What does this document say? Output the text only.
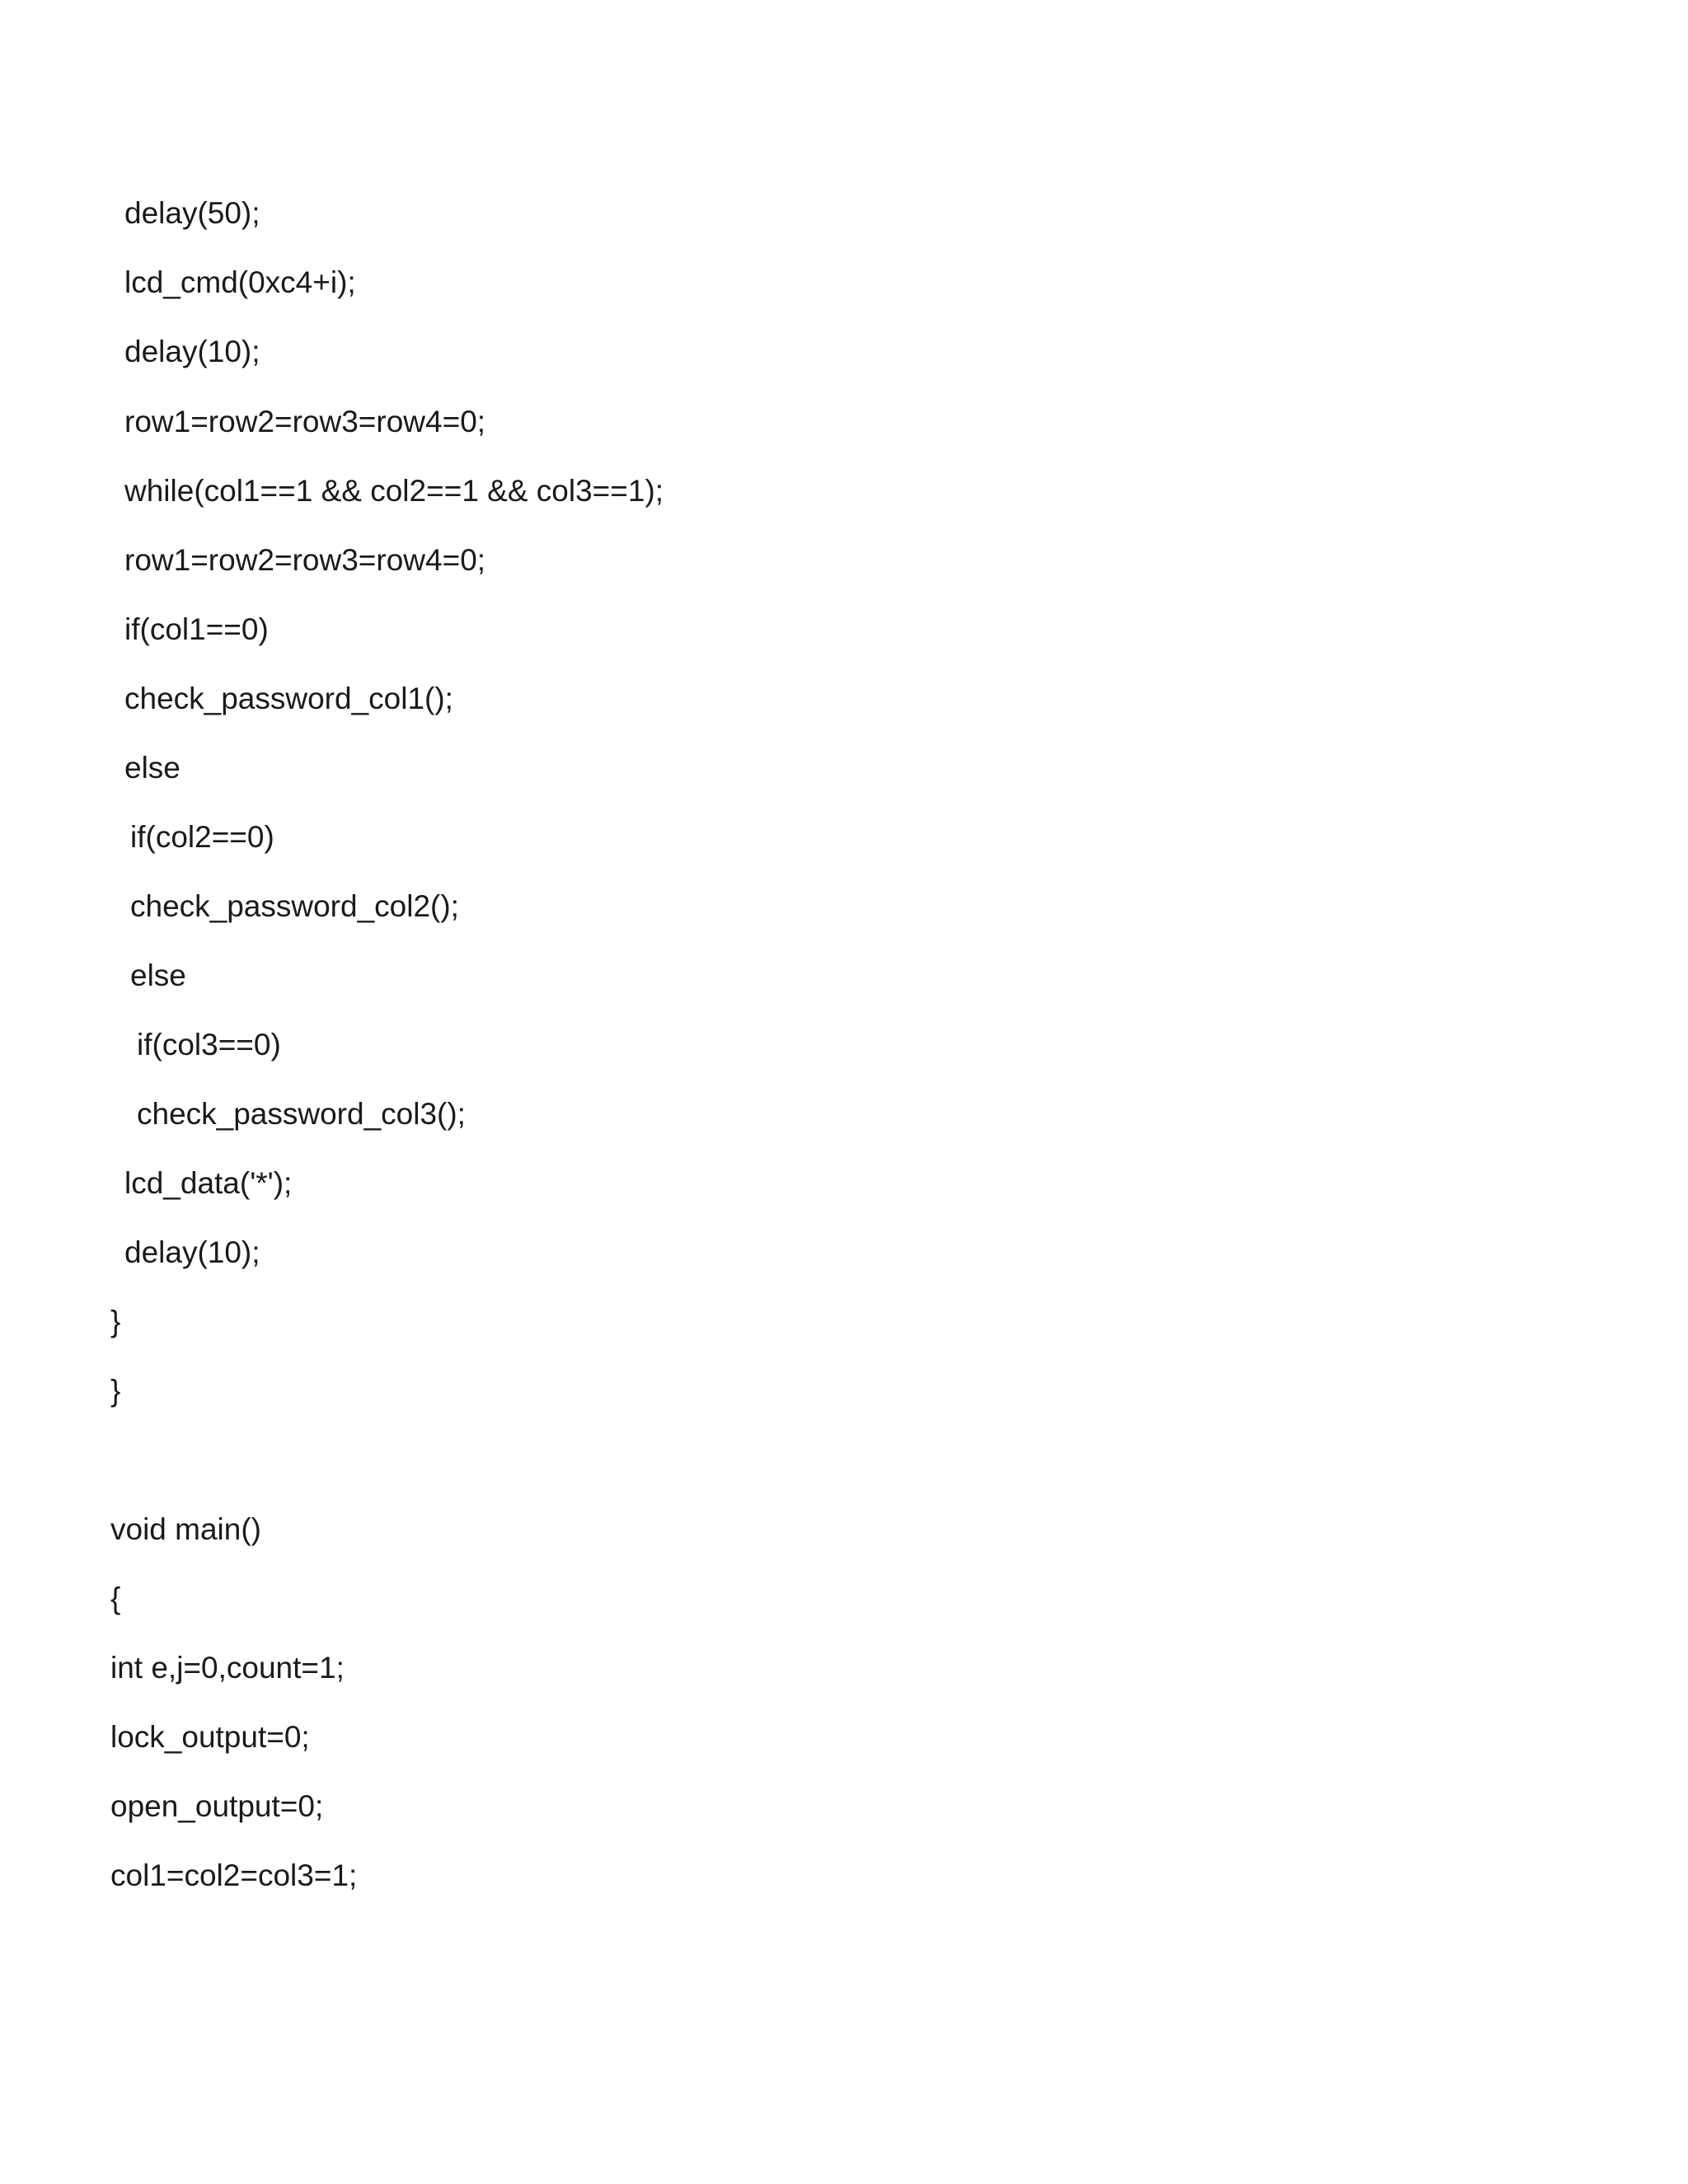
delay(50);
lcd_cmd(0xc4+i);
delay(10);
row1=row2=row3=row4=0;
while(col1==1 && col2==1 && col3==1);
row1=row2=row3=row4=0;
if(col1==0)
check_password_col1();
else
if(col2==0)
check_password_col2();
else
if(col3==0)
check_password_col3();
lcd_data('*');
delay(10);
}
}
void main()
{
int e,j=0,count=1;
lock_output=0;
open_output=0;
col1=col2=col3=1;
